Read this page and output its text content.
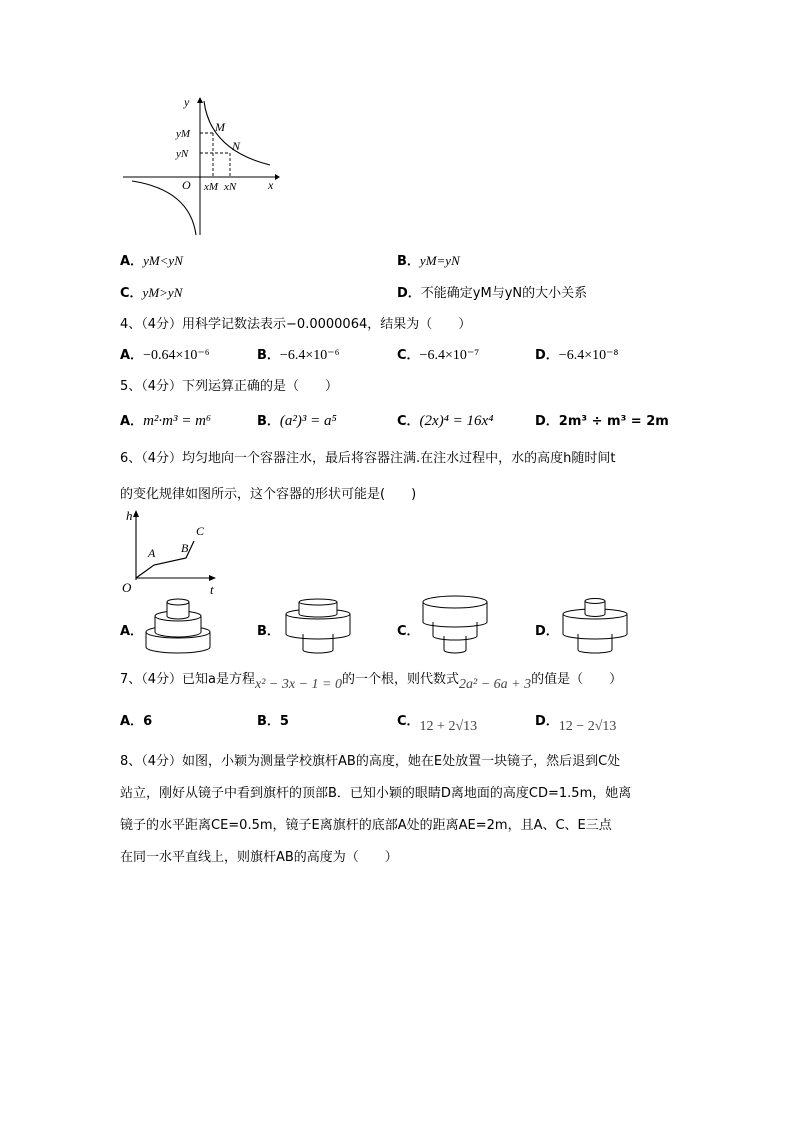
y
x
O
yM
yN
xM xN
M
N
A．yM<yN	B．yM=yN
C．yM>yN	D．不能确定yM与yN的大小关系
4、（4分）用科学记数法表示−0.0000064，结果为（　　）
A．−0.64×10⁻⁶	B．−6.4×10⁻⁶	C．−6.4×10⁻⁷	D．−6.4×10⁻⁸
5、（4分）下列运算正确的是（　　）
A．m²·m³ = m⁶	B．(a²)³ = a⁵	C．(2x)⁴ = 16x⁴	D．2m³ ÷ m³ = 2m
6、（4分）均匀地向一个容器注水，最后将容器注满.在注水过程中，水的高度h随时间t
的变化规律如图所示，这个容器的形状可能是(　　)
h
t
O
A B
C
A．	B．	C．	D．
7、（4分）已知a是方程x² − 3x − 1 = 0的一个根，则代数式2a² − 6a + 3的值是（　　）
A．6	B．5	C．12 + 2√13	D．12 − 2√13
8、（4分）如图，小颖为测量学校旗杆AB的高度，她在E处放置一块镜子，然后退到C处
站立，刚好从镜子中看到旗杆的顶部B．已知小颖的眼睛D离地面的高度CD=1.5m，她离
镜子的水平距离CE=0.5m，镜子E离旗杆的底部A处的距离AE=2m，且A、C、E三点
在同一水平直线上，则旗杆AB的高度为（　　）
